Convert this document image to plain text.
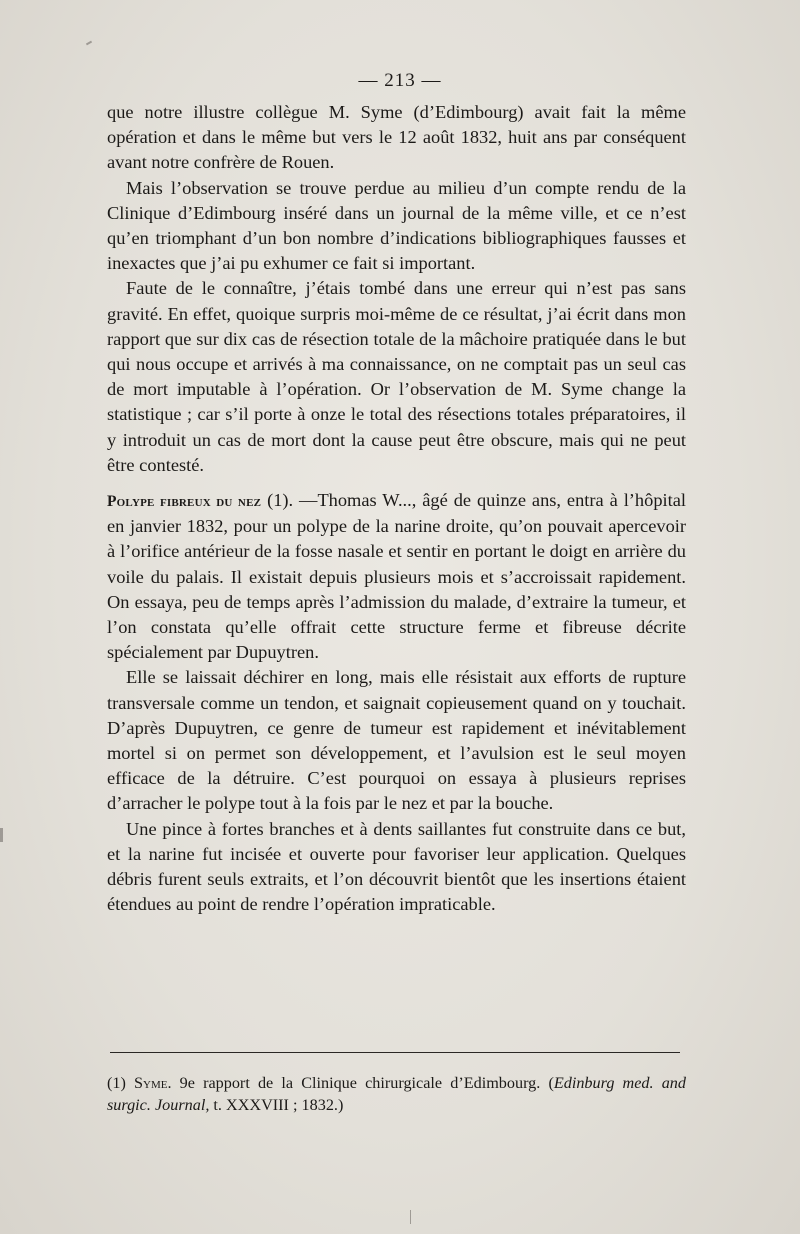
— 213 —

que notre illustre collègue M. Syme (d’Edimbourg) avait fait la même opération et dans le même but vers le 12 août 1832, huit ans par conséquent avant notre confrère de Rouen.

Mais l’observation se trouve perdue au milieu d’un compte rendu de la Clinique d’Edimbourg inséré dans un journal de la même ville, et ce n’est qu’en triomphant d’un bon nombre d’indications bibliographiques fausses et inexactes que j’ai pu exhumer ce fait si important.

Faute de le connaître, j’étais tombé dans une erreur qui n’est pas sans gravité. En effet, quoique surpris moi-même de ce résultat, j’ai écrit dans mon rapport que sur dix cas de résection totale de la mâchoire pratiquée dans le but qui nous occupe et arrivés à ma connaissance, on ne comptait pas un seul cas de mort imputable à l’opération. Or l’observation de M. Syme change la statistique ; car s’il porte à onze le total des résections totales préparatoires, il y introduit un cas de mort dont la cause peut être obscure, mais qui ne peut être contesté.

Polype fibreux du nez (1). —Thomas W..., âgé de quinze ans, entra à l’hôpital en janvier 1832, pour un polype de la narine droite, qu’on pouvait apercevoir à l’orifice antérieur de la fosse nasale et sentir en portant le doigt en arrière du voile du palais. Il existait depuis plusieurs mois et s’accroissait rapidement. On essaya, peu de temps après l’admission du malade, d’extraire la tumeur, et l’on constata qu’elle offrait cette structure ferme et fibreuse décrite spécialement par Dupuytren.

Elle se laissait déchirer en long, mais elle résistait aux efforts de rupture transversale comme un tendon, et saignait copieusement quand on y touchait. D’après Dupuytren, ce genre de tumeur est rapidement et inévitablement mortel si on permet son développement, et l’avulsion est le seul moyen efficace de la détruire. C’est pourquoi on essaya à plusieurs reprises d’arracher le polype tout à la fois par le nez et par la bouche.

Une pince à fortes branches et à dents saillantes fut construite dans ce but, et la narine fut incisée et ouverte pour favoriser leur application. Quelques débris furent seuls extraits, et l’on découvrit bientôt que les insertions étaient étendues au point de rendre l’opération impraticable.

(1) Syme. 9e rapport de la Clinique chirurgicale d’Edimbourg. (Edinburg med. and surgic. Journal, t. XXXVIII ; 1832.)
